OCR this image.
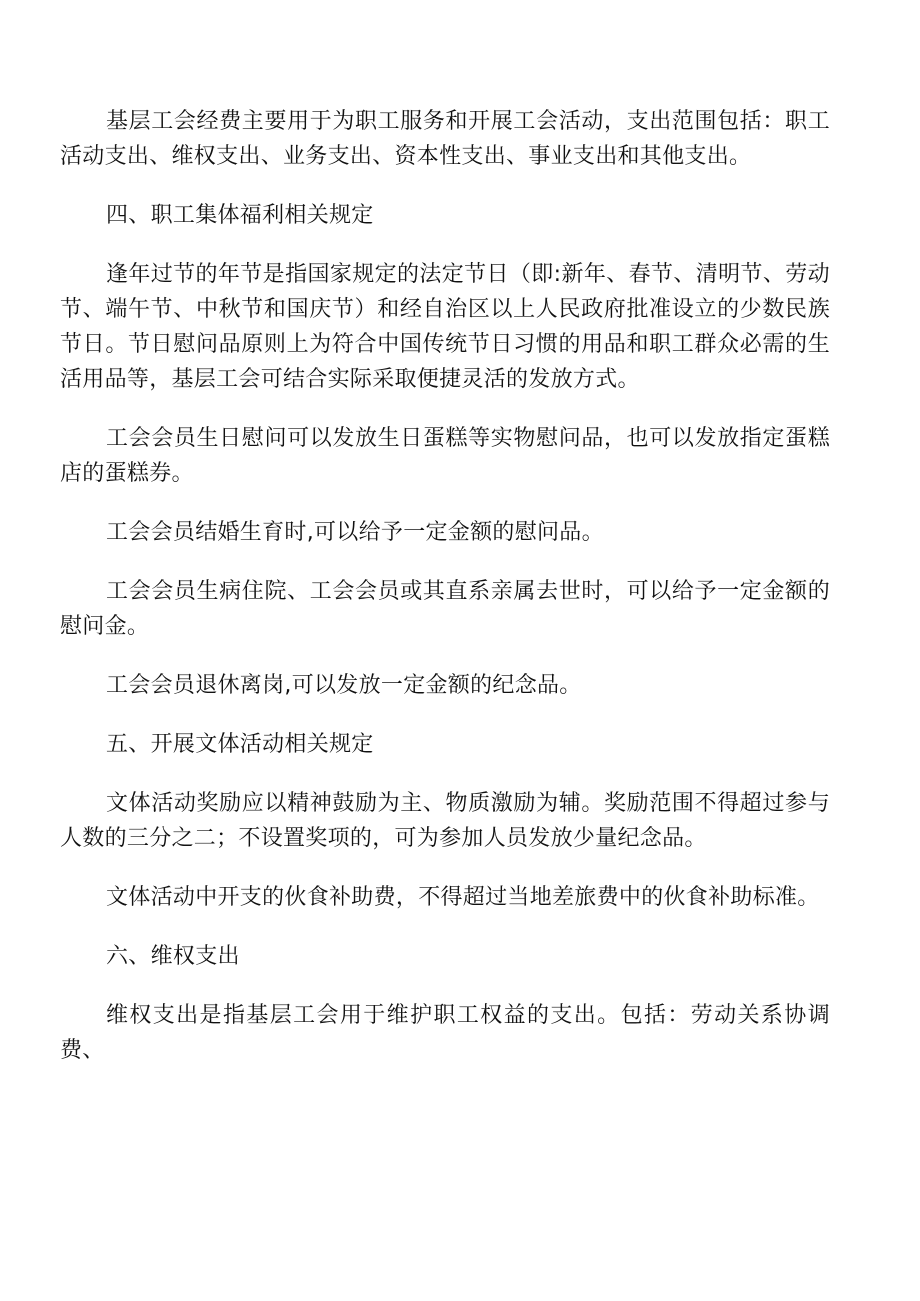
基层工会经费主要用于为职工服务和开展工会活动，支出范围包括：职工活动支出、维权支出、业务支出、资本性支出、事业支出和其他支出。

四、职工集体福利相关规定

逢年过节的年节是指国家规定的法定节日（即:新年、春节、清明节、劳动节、端午节、中秋节和国庆节）和经自治区以上人民政府批准设立的少数民族节日。节日慰问品原则上为符合中国传统节日习惯的用品和职工群众必需的生活用品等，基层工会可结合实际采取便捷灵活的发放方式。

工会会员生日慰问可以发放生日蛋糕等实物慰问品，也可以发放指定蛋糕店的蛋糕券。

工会会员结婚生育时,可以给予一定金额的慰问品。

工会会员生病住院、工会会员或其直系亲属去世时，可以给予一定金额的慰问金。

工会会员退休离岗,可以发放一定金额的纪念品。

五、开展文体活动相关规定

文体活动奖励应以精神鼓励为主、物质激励为辅。奖励范围不得超过参与人数的三分之二；不设置奖项的，可为参加人员发放少量纪念品。

文体活动中开支的伙食补助费，不得超过当地差旅费中的伙食补助标准。

六、维权支出

维权支出是指基层工会用于维护职工权益的支出。包括：劳动关系协调费、
